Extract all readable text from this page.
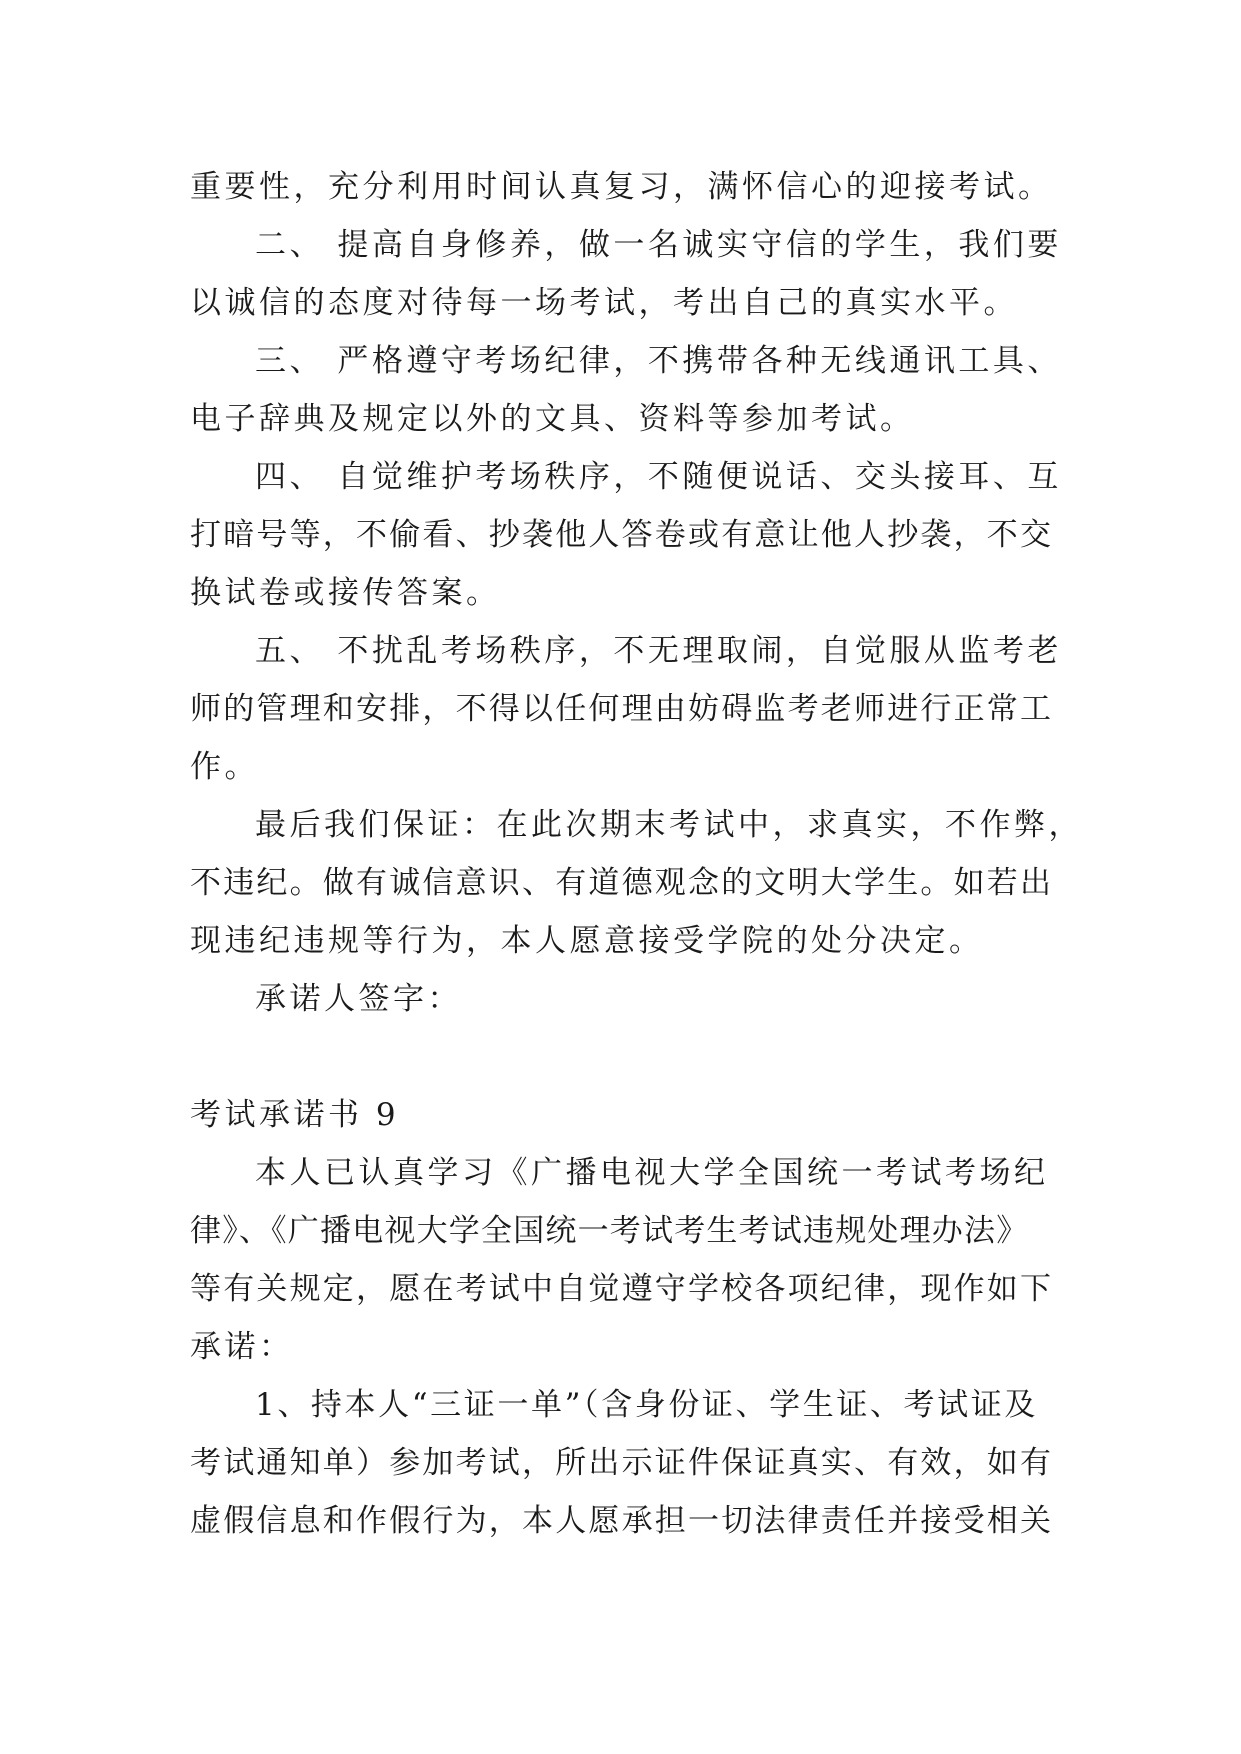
重要性，充分利用时间认真复习，满怀信心的迎接考试。
二、 提高自身修养，做一名诚实守信的学生，我们要
以诚信的态度对待每一场考试，考出自己的真实水平。
三、 严格遵守考场纪律，不携带各种无线通讯工具、
电子辞典及规定以外的文具、资料等参加考试。
四、 自觉维护考场秩序，不随便说话、交头接耳、互
打暗号等，不偷看、抄袭他人答卷或有意让他人抄袭，不交
换试卷或接传答案。
五、 不扰乱考场秩序，不无理取闹，自觉服从监考老
师的管理和安排，不得以任何理由妨碍监考老师进行正常工
作。
最后我们保证：在此次期末考试中，求真实，不作弊，
不违纪。做有诚信意识、有道德观念的文明大学生。如若出
现违纪违规等行为，本人愿意接受学院的处分决定。
承诺人签字：
考试承诺书 9
本人已认真学习《广播电视大学全国统一考试考场纪
律》、《广播电视大学全国统一考试考生考试违规处理办法》
等有关规定，愿在考试中自觉遵守学校各项纪律，现作如下
承诺：
1、持本人“三证一单”（含身份证、学生证、考试证及
考试通知单）参加考试，所出示证件保证真实、有效，如有
虚假信息和作假行为，本人愿承担一切法律责任并接受相关
